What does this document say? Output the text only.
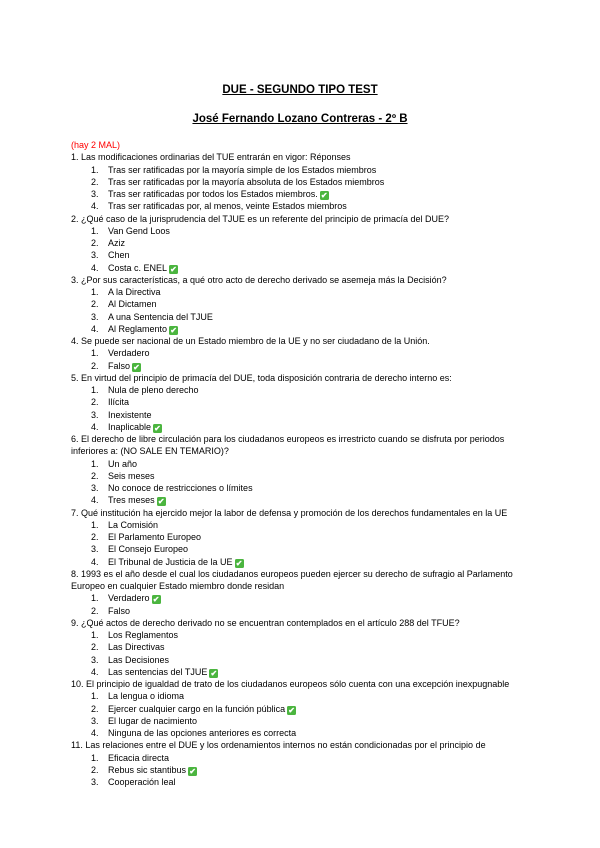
DUE - SEGUNDO TIPO TEST
José Fernando Lozano Contreras - 2º B
(hay 2 MAL)
1. Las modificaciones ordinarias del TUE entrarán en vigor: Réponses
1. Tras ser ratificadas por la mayoría simple de los Estados miembros
2. Tras ser ratificadas por la mayoría absoluta de los Estados miembros
3. Tras ser ratificadas por todos los Estados miembros. ✔
4. Tras ser ratificadas por, al menos, veinte Estados miembros
2. ¿Qué caso de la jurisprudencia del TJUE es un referente del principio de primacía del DUE?
1. Van Gend Loos
2. Aziz
3. Chen
4. Costa c. ENEL ✔
3. ¿Por sus características, a qué otro acto de derecho derivado se asemeja más la Decisión?
1. A la Directiva
2. Al Dictamen
3. A una Sentencia del TJUE
4. Al Reglamento ✔
4. Se puede ser nacional de un Estado miembro de la UE y no ser ciudadano de la Unión.
1. Verdadero
2. Falso ✔
5. En virtud del principio de primacía del DUE, toda disposición contraria de derecho interno es:
1. Nula de pleno derecho
2. Ilícita
3. Inexistente
4. Inaplicable ✔
6. El derecho de libre circulación para los ciudadanos europeos es irrestricto cuando se disfruta por periodos inferiores a: (NO SALE EN TEMARIO)?
1. Un año
2. Seis meses
3. No conoce de restricciones o límites
4. Tres meses ✔
7. Qué institución ha ejercido mejor la labor de defensa y promoción de los derechos fundamentales en la UE
1. La Comisión
2. El Parlamento Europeo
3. El Consejo Europeo
4. El Tribunal de Justicia de la UE ✔
8. 1993 es el año desde el cual los ciudadanos europeos pueden ejercer su derecho de sufragio al Parlamento Europeo en cualquier Estado miembro donde residan
1. Verdadero ✔
2. Falso
9. ¿Qué actos de derecho derivado no se encuentran contemplados en el artículo 288 del TFUE?
1. Los Reglamentos
2. Las Directivas
3. Las Decisiones
4. Las sentencias del TJUE ✔
10. El principio de igualdad de trato de los ciudadanos europeos sólo cuenta con una excepción inexpugnable
1. La lengua o idioma
2. Ejercer cualquier cargo en la función pública ✔
3. El lugar de nacimiento
4. Ninguna de las opciones anteriores es correcta
11. Las relaciones entre el DUE y los ordenamientos internos no están condicionadas por el principio de
1. Eficacia directa
2. Rebus sic stantibus ✔
3. Cooperación leal
